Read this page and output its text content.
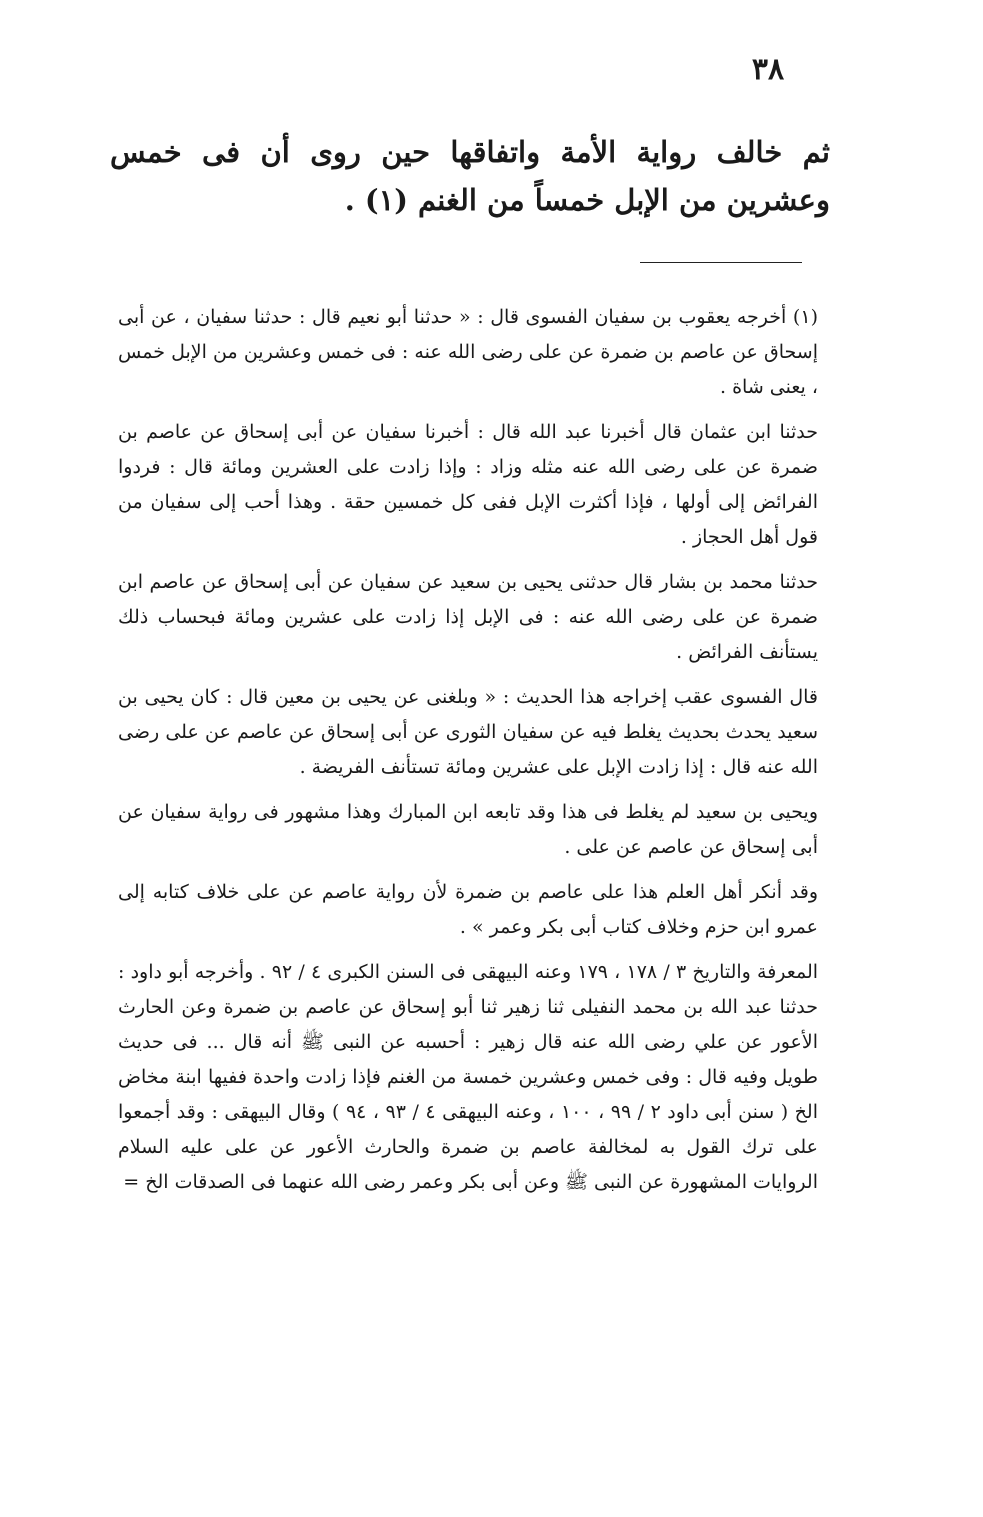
٣٨

ثم خالف رواية الأمة واتفاقها حين روى أن فى خمس وعشرين من الإبل خمساً من الغنم (١) .

(١) أخرجه يعقوب بن سفيان الفسوى قال : « حدثنا أبو نعيم قال : حدثنا سفيان ، عن أبى إسحاق عن عاصم بن ضمرة عن على رضى الله عنه : فى خمس وعشرين من الإبل خمس ، يعنى شاة .

حدثنا ابن عثمان قال أخبرنا عبد الله قال : أخبرنا سفيان عن أبى إسحاق عن عاصم بن ضمرة عن على رضى الله عنه مثله وزاد : وإذا زادت على العشرين ومائة قال : فردوا الفرائض إلى أولها ، فإذا أكثرت الإبل ففى كل خمسين حقة . وهذا أحب إلى سفيان من قول أهل الحجاز .

حدثنا محمد بن بشار قال حدثنى يحيى بن سعيد عن سفيان عن أبى إسحاق عن عاصم ابن ضمرة عن على رضى الله عنه : فى الإبل إذا زادت على عشرين ومائة فبحساب ذلك يستأنف الفرائض .

قال الفسوى عقب إخراجه هذا الحديث : « وبلغنى عن يحيى بن معين قال : كان يحيى بن سعيد يحدث بحديث يغلط فيه عن سفيان الثورى عن أبى إسحاق عن عاصم عن على رضى الله عنه قال : إذا زادت الإبل على عشرين ومائة تستأنف الفريضة .

ويحيى بن سعيد لم يغلط فى هذا وقد تابعه ابن المبارك وهذا مشهور فى رواية سفيان عن أبى إسحاق عن عاصم عن على .

وقد أنكر أهل العلم هذا على عاصم بن ضمرة لأن رواية عاصم عن على خلاف كتابه إلى عمرو ابن حزم وخلاف كتاب أبى بكر وعمر » .

المعرفة والتاريخ ٣ / ١٧٨ ، ١٧٩ وعنه البيهقى فى السنن الكبرى ٤ / ٩٢ . وأخرجه أبو داود : حدثنا عبد الله بن محمد النفيلى ثنا زهير ثنا أبو إسحاق عن عاصم بن ضمرة وعن الحارث الأعور عن علي رضى الله عنه قال زهير : أحسبه عن النبى ﷺ أنه قال ... فى حديث طويل وفيه قال : وفى خمس وعشرين خمسة من الغنم فإذا زادت واحدة ففيها ابنة مخاض الخ ( سنن أبى داود ٢ / ٩٩ ، ١٠٠ ، وعنه البيهقى ٤ / ٩٣ ، ٩٤ ) وقال البيهقى : وقد أجمعوا على ترك القول به لمخالفة عاصم بن ضمرة والحارث الأعور عن على عليه السلام الروايات المشهورة عن النبى ﷺ وعن أبى بكر وعمر رضى الله عنهما فى الصدقات الخ =
